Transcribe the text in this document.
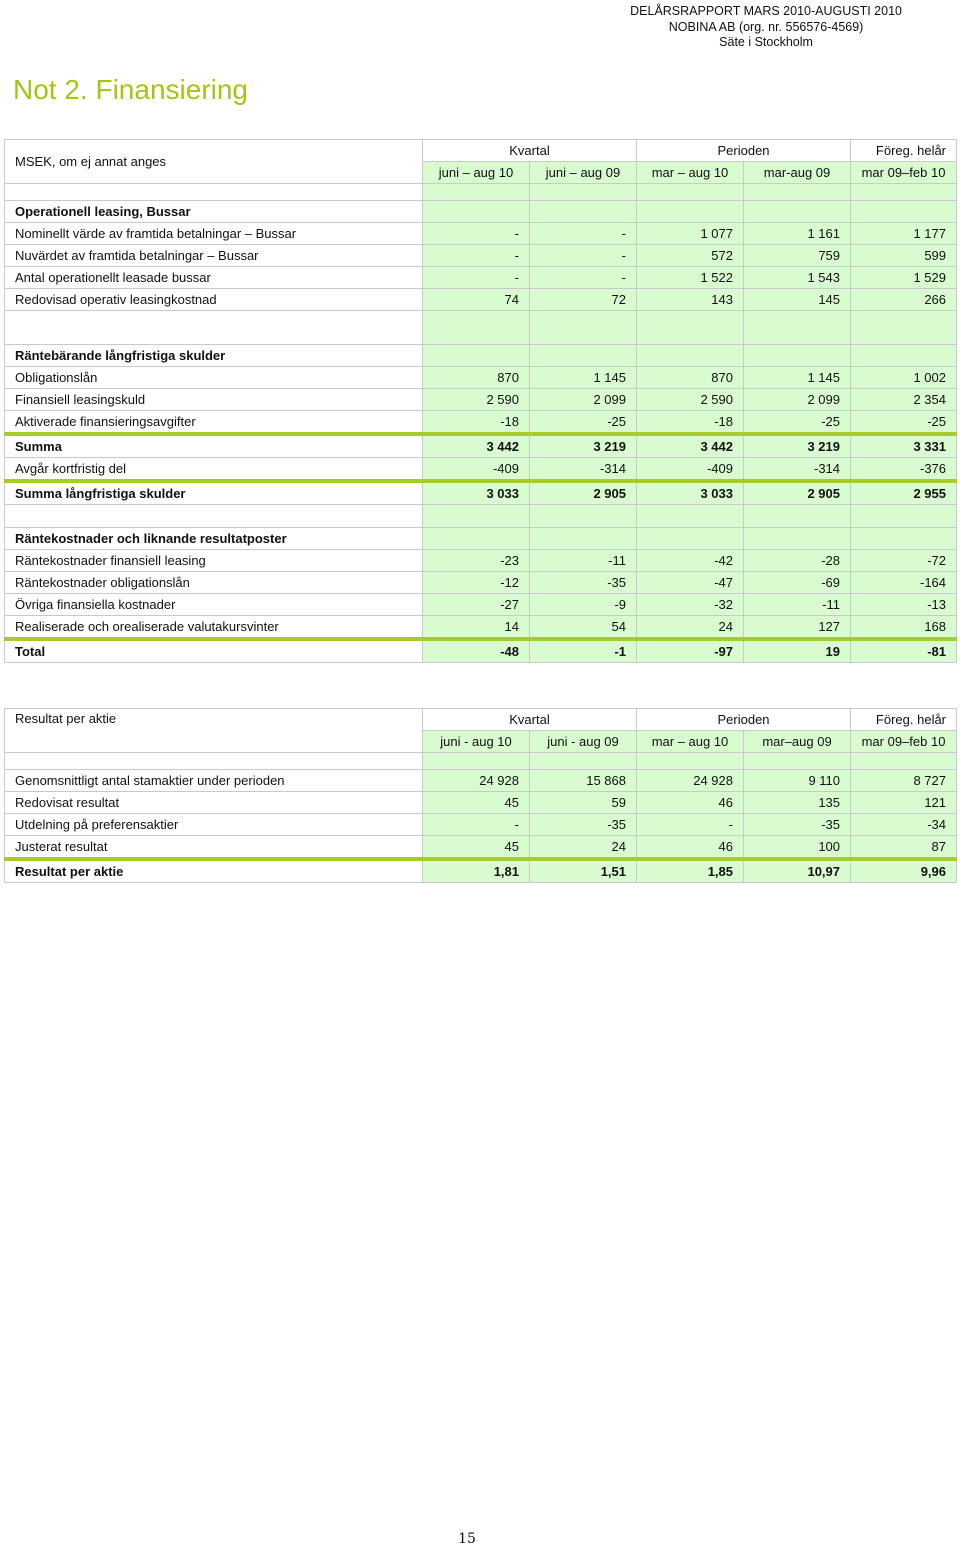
DELÅRSRAPPORT MARS 2010-AUGUSTI 2010
NOBINA AB (org. nr. 556576-4569)
Säte i Stockholm
Not 2. Finansiering
MSEK, om ej annat anges	Kvartal		Perioden		Föreg. helår
	juni – aug 10	juni – aug 09	mar – aug 10	mar-aug 09	mar 09–feb 10

Operationell leasing, Bussar					
Nominellt värde av framtida betalningar – Bussar	-	-	1 077	1 161	1 177
Nuvärdet av framtida betalningar – Bussar	-	-	572	759	599
Antal operationellt leasade bussar	-	-	1 522	1 543	1 529
Redovisad operativ leasingkostnad	74	72	143	145	266

Räntebärande långfristiga skulder					
Obligationslån	870	1 145	870	1 145	1 002
Finansiell leasingskuld	2 590	2 099	2 590	2 099	2 354
Aktiverade finansieringsavgifter	-18	-25	-18	-25	-25
Summa	3 442	3 219	3 442	3 219	3 331
Avgår kortfristig del	-409	-314	-409	-314	-376
Summa långfristiga skulder	3 033	2 905	3 033	2 905	2 955

Räntekostnader och liknande resultatposter					
Räntekostnader finansiell leasing	-23	-11	-42	-28	-72
Räntekostnader obligationslån	-12	-35	-47	-69	-164
Övriga finansiella kostnader	-27	-9	-32	-11	-13
Realiserade och orealiserade valutakursvinter	14	54	24	127	168
Total	-48	-1	-97	19	-81
Resultat per aktie	Kvartal		Perioden		Föreg. helår
	juni - aug 10	juni - aug 09	mar – aug 10	mar–aug 09	mar 09–feb 10

Genomsnittligt antal stamaktier under perioden	24 928	15 868	24 928	9 110	8 727
Redovisat resultat	45	59	46	135	121
Utdelning på preferensaktier	-	-35	-	-35	-34
Justerat resultat	45	24	46	100	87
Resultat per aktie	1,81	1,51	1,85	10,97	9,96
15
